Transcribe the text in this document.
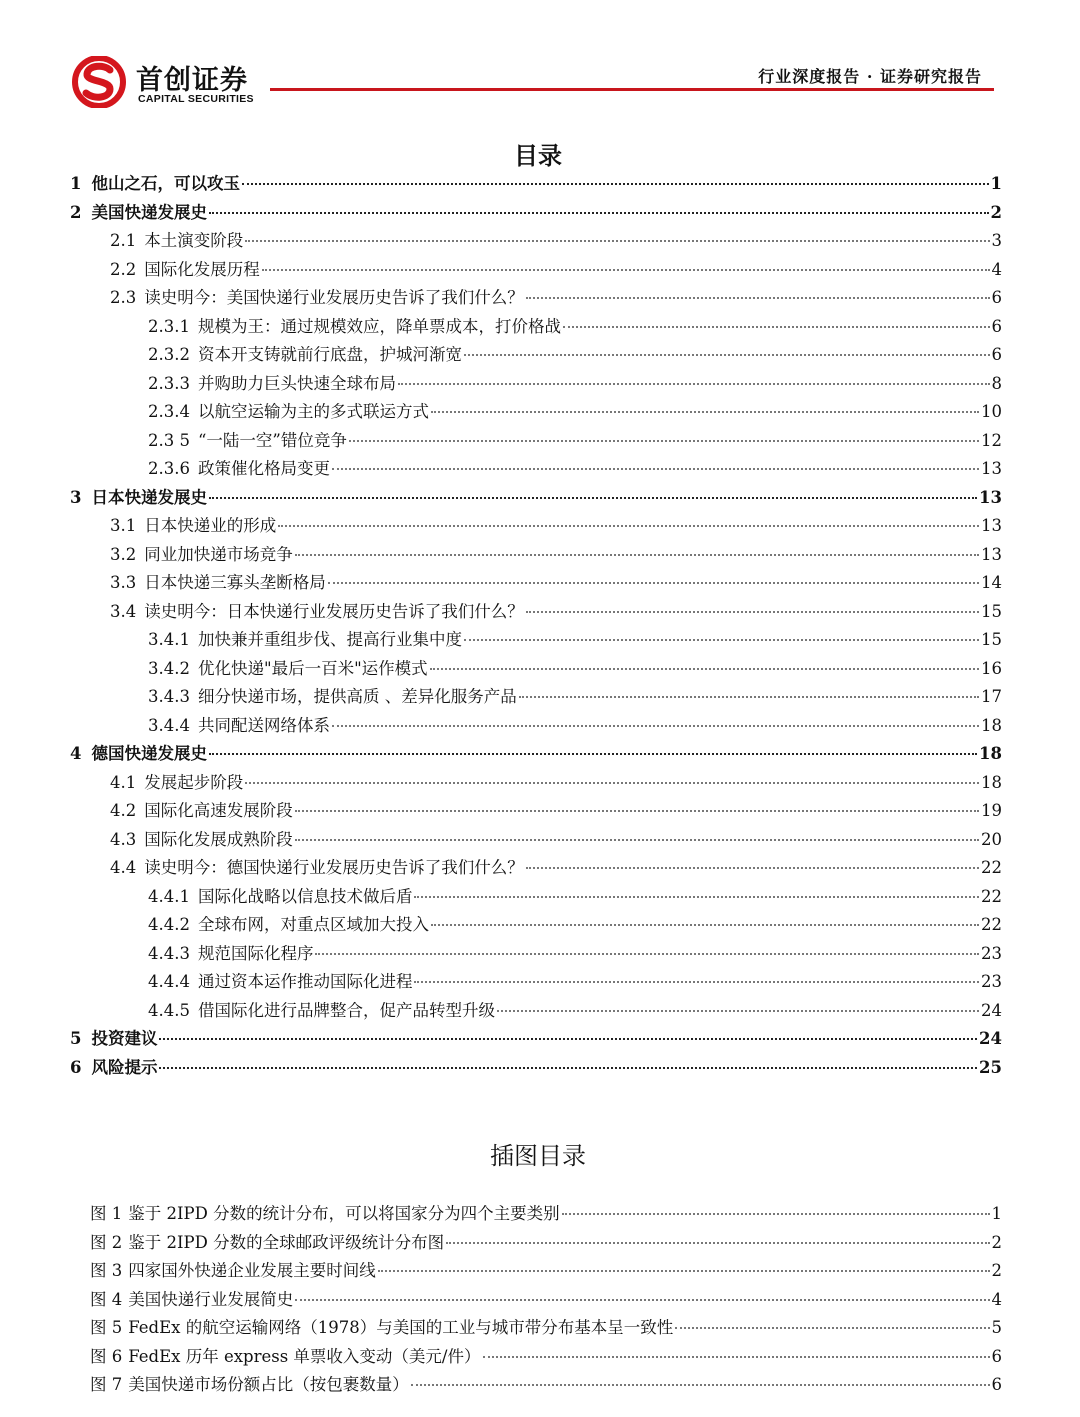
首创证券
CAPITAL SECURITIES
行业深度报告 · 证券研究报告
目录
1 他山之石，可以攻玉	1
2 美国快递发展史	2
2.1 本土演变阶段	3
2.2 国际化发展历程	4
2.3 读史明今：美国快递行业发展历史告诉了我们什么？	6
2.3.1 规模为王：通过规模效应，降单票成本，打价格战	6
2.3.2 资本开支铸就前行底盘，护城河渐宽	6
2.3.3 并购助力巨头快速全球布局	8
2.3.4 以航空运输为主的多式联运方式	10
2.3 5 “一陆一空”错位竞争	12
2.3.6 政策催化格局变更	13
3 日本快递发展史	13
3.1 日本快递业的形成	13
3.2 同业加快递市场竞争	13
3.3 日本快递三寡头垄断格局	14
3.4 读史明今：日本快递行业发展历史告诉了我们什么？	15
3.4.1 加快兼并重组步伐、提高行业集中度	15
3.4.2 优化快递"最后一百米"运作模式	16
3.4.3 细分快递市场，提供高质 、差异化服务产品	17
3.4.4 共同配送网络体系	18
4 德国快递发展史	18
4.1 发展起步阶段	18
4.2 国际化高速发展阶段	19
4.3 国际化发展成熟阶段	20
4.4 读史明今：德国快递行业发展历史告诉了我们什么？	22
4.4.1 国际化战略以信息技术做后盾	22
4.4.2 全球布网，对重点区域加大投入	22
4.4.3 规范国际化程序	23
4.4.4 通过资本运作推动国际化进程	23
4.4.5 借国际化进行品牌整合，促产品转型升级	24
5 投资建议	24
6 风险提示	25
插图目录
图 1 鉴于 2IPD 分数的统计分布，可以将国家分为四个主要类别	1
图 2 鉴于 2IPD 分数的全球邮政评级统计分布图	2
图 3 四家国外快递企业发展主要时间线	2
图 4 美国快递行业发展简史	4
图 5 FedEx 的航空运输网络（1978）与美国的工业与城市带分布基本呈一致性	5
图 6 FedEx 历年 express 单票收入变动（美元/件）	6
图 7 美国快递市场份额占比（按包裹数量）	6
